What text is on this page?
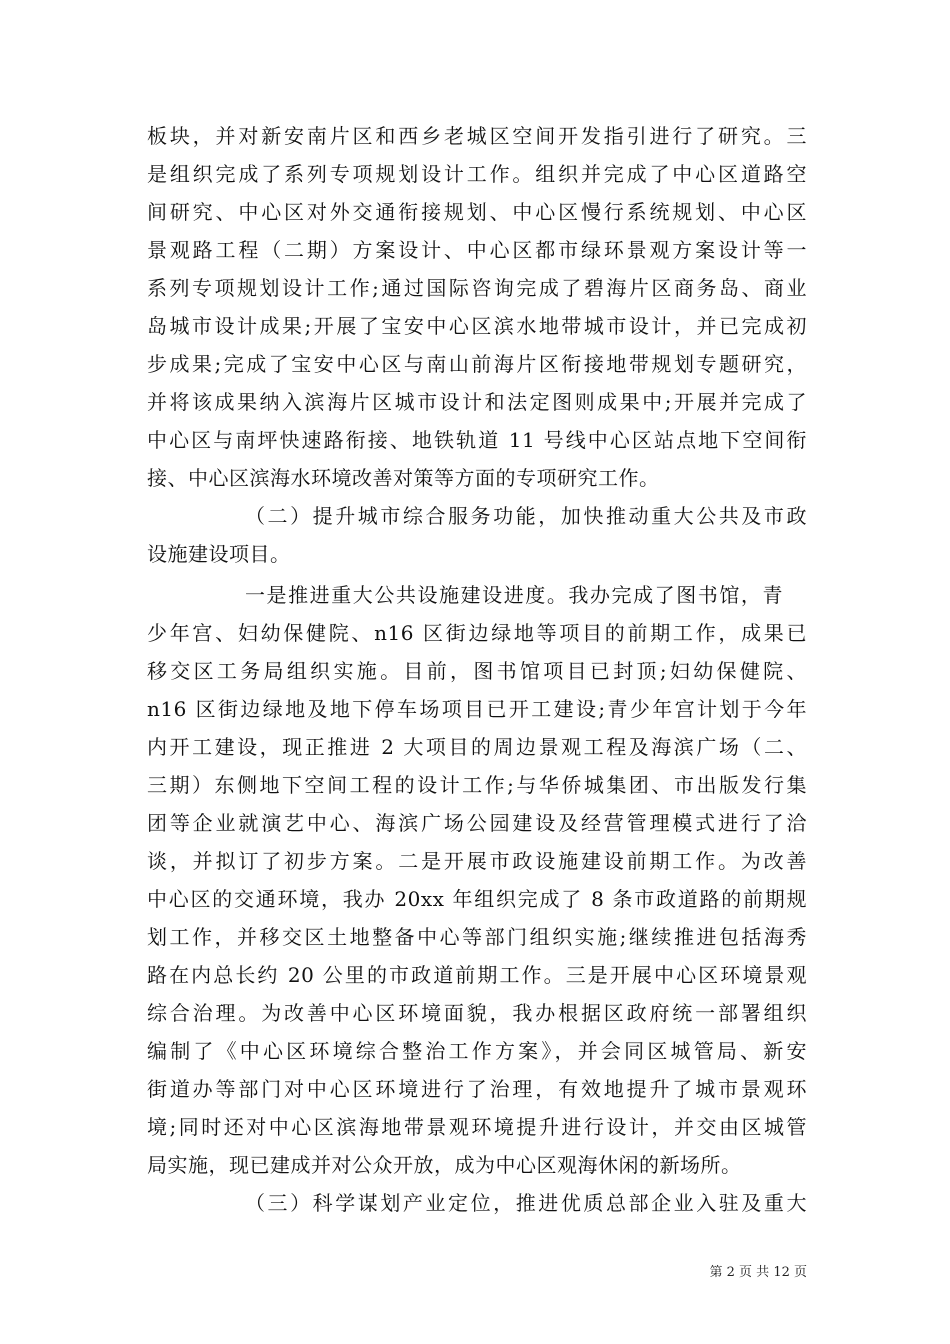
板块，并对新安南片区和西乡老城区空间开发指引进行了研究。三
是组织完成了系列专项规划设计工作。组织并完成了中心区道路空
间研究、中心区对外交通衔接规划、中心区慢行系统规划、中心区
景观路工程（二期）方案设计、中心区都市绿环景观方案设计等一
系列专项规划设计工作;通过国际咨询完成了碧海片区商务岛、商业
岛城市设计成果;开展了宝安中心区滨水地带城市设计，并已完成初
步成果;完成了宝安中心区与南山前海片区衔接地带规划专题研究，
并将该成果纳入滨海片区城市设计和法定图则成果中;开展并完成了
中心区与南坪快速路衔接、地铁轨道 11 号线中心区站点地下空间衔
接、中心区滨海水环境改善对策等方面的专项研究工作。
（二）提升城市综合服务功能，加快推动重大公共及市政
设施建设项目。
一是推进重大公共设施建设进度。我办完成了图书馆，青
少年宫、妇幼保健院、n16 区街边绿地等项目的前期工作，成果已
移交区工务局组织实施。目前，图书馆项目已封顶;妇幼保健院、
n16 区街边绿地及地下停车场项目已开工建设;青少年宫计划于今年
内开工建设，现正推进 2 大项目的周边景观工程及海滨广场（二、
三期）东侧地下空间工程的设计工作;与华侨城集团、市出版发行集
团等企业就演艺中心、海滨广场公园建设及经营管理模式进行了洽
谈，并拟订了初步方案。二是开展市政设施建设前期工作。为改善
中心区的交通环境，我办 20xx 年组织完成了 8 条市政道路的前期规
划工作，并移交区土地整备中心等部门组织实施;继续推进包括海秀
路在内总长约 20 公里的市政道前期工作。三是开展中心区环境景观
综合治理。为改善中心区环境面貌，我办根据区政府统一部署组织
编制了《中心区环境综合整治工作方案》，并会同区城管局、新安
街道办等部门对中心区环境进行了治理，有效地提升了城市景观环
境;同时还对中心区滨海地带景观环境提升进行设计，并交由区城管
局实施，现已建成并对公众开放，成为中心区观海休闲的新场所。
（三）科学谋划产业定位，推进优质总部企业入驻及重大
第 2 页 共 12 页
